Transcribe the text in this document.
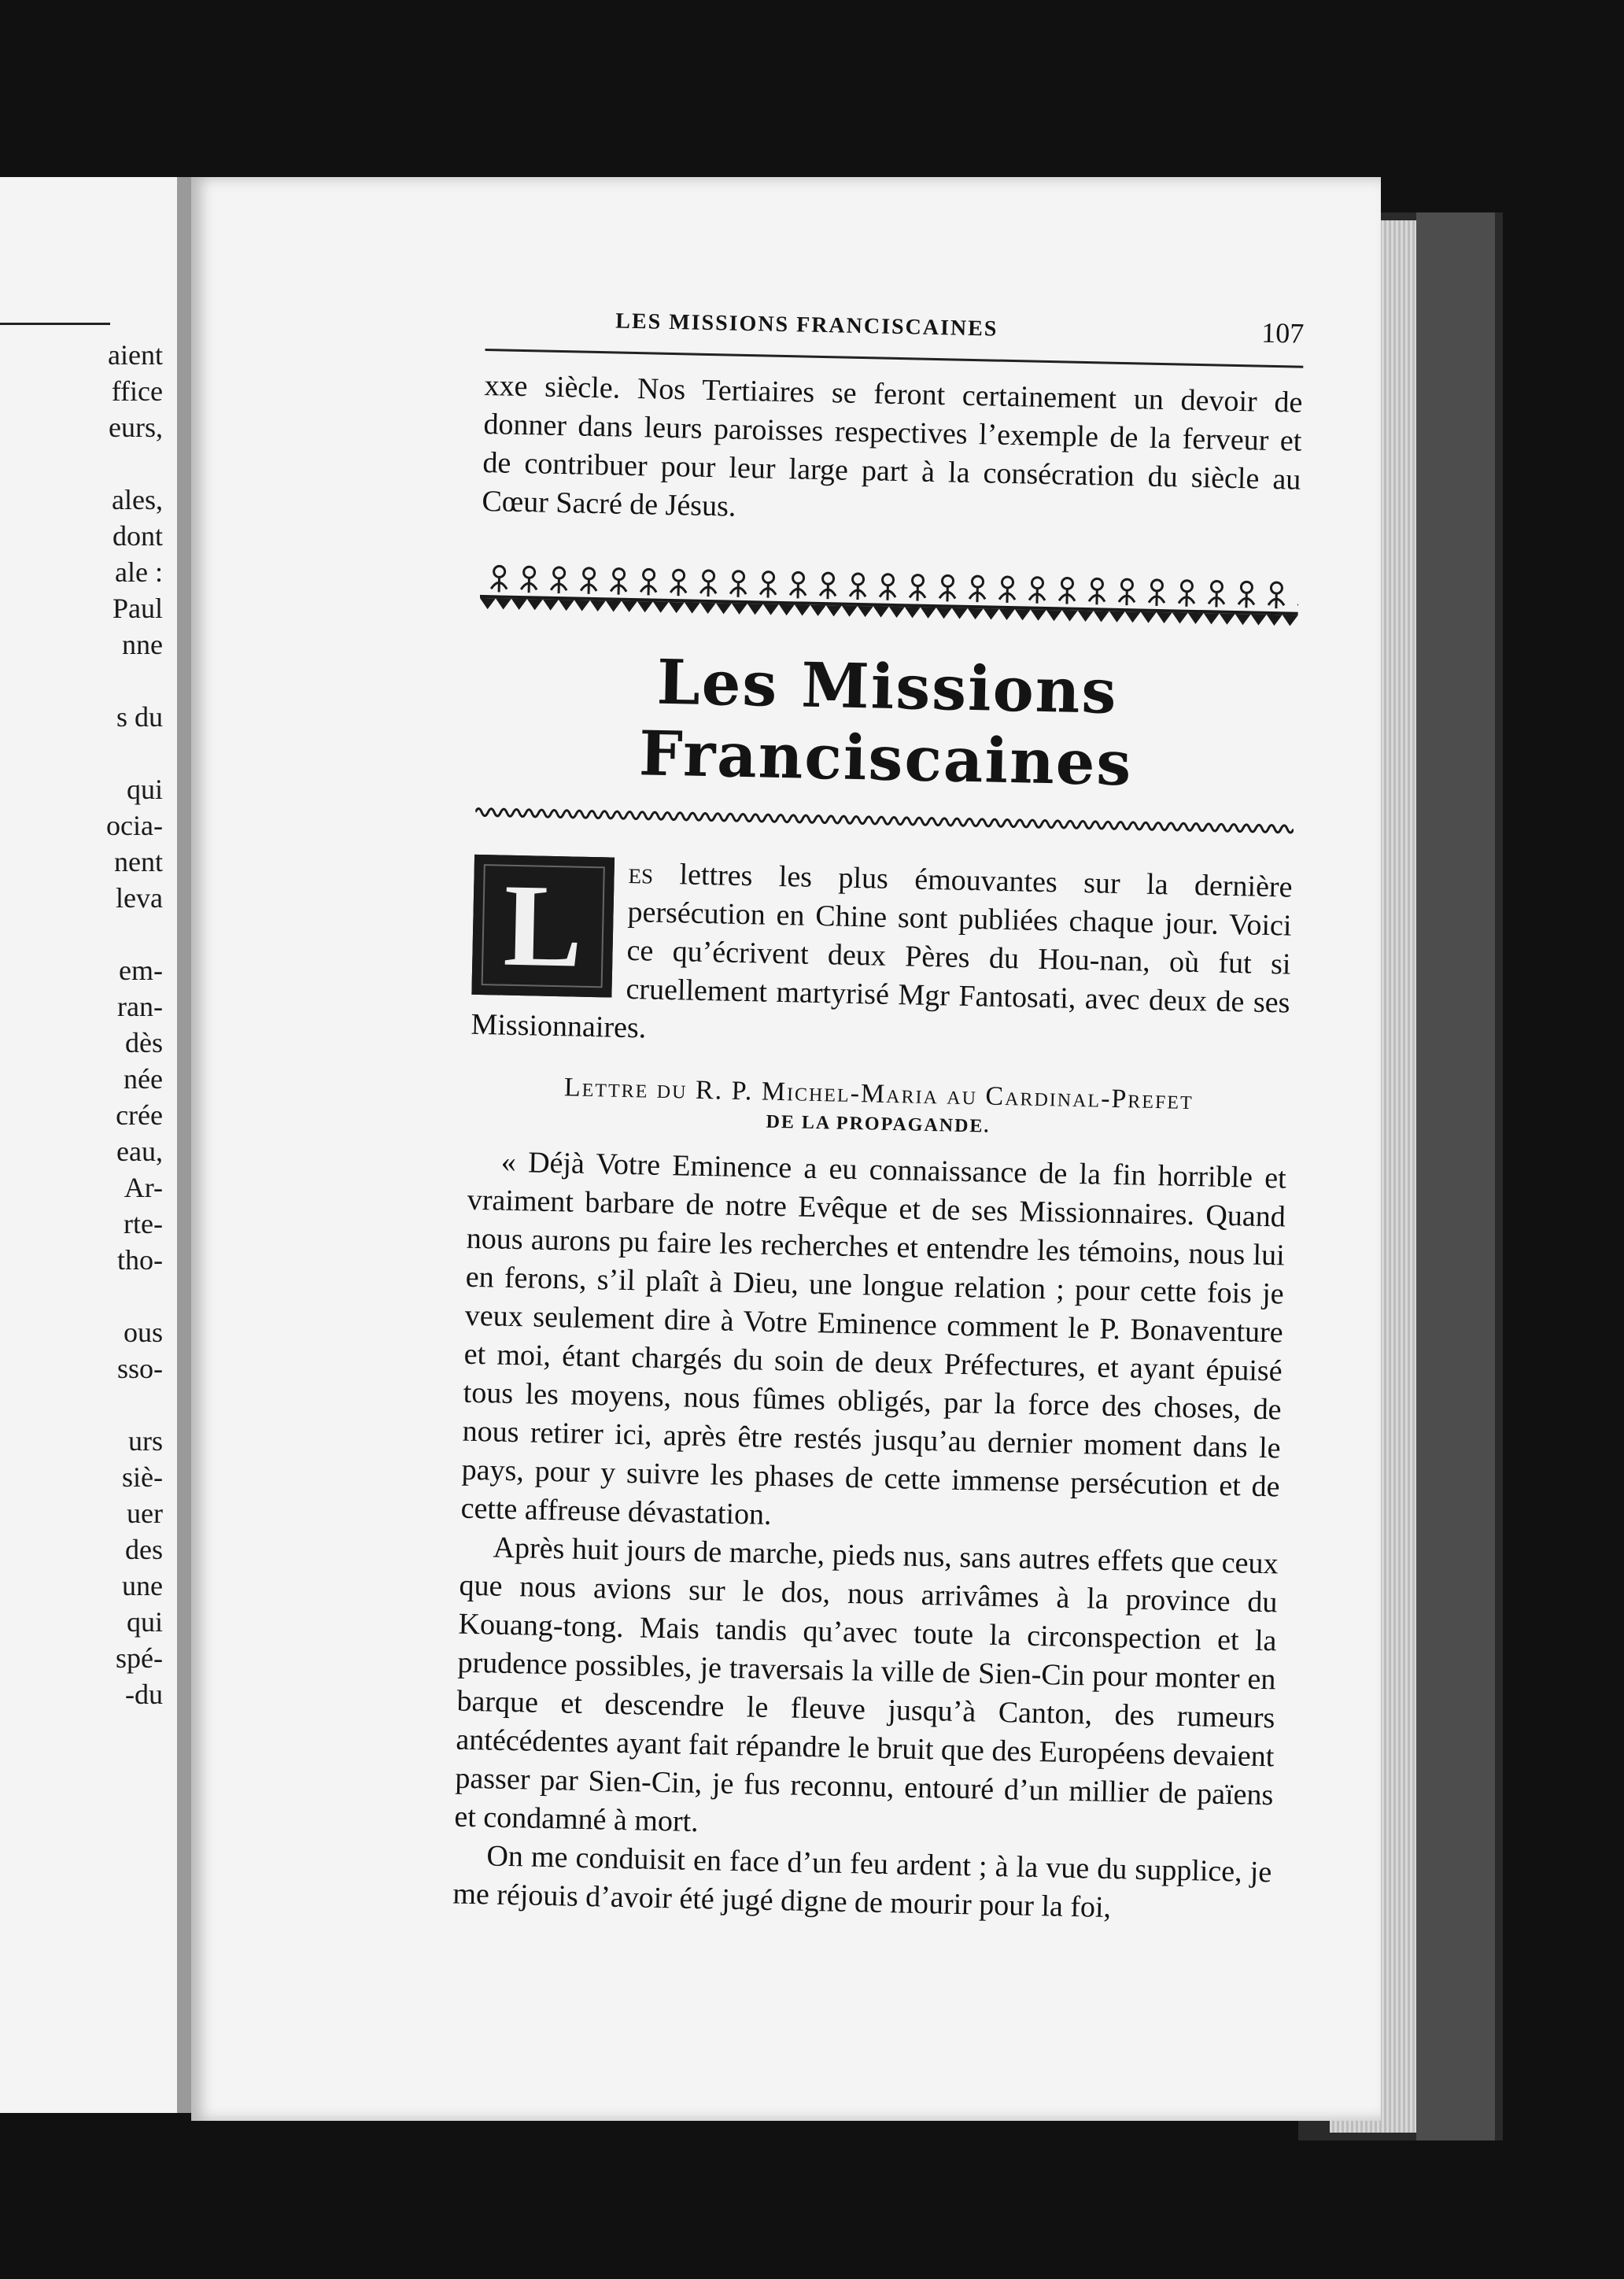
aient
ffice
eurs,
ales,
dont
ale :
Paul
nne
s du
qui
ocia-
nent
leva
em-
ran-
dès
née
crée
eau,
Ar-
rte-
tho-
ous
sso-
urs
siè-
uer
des
une
qui
spé-
-du
LES MISSIONS FRANCISCAINES	107

xxe siècle. Nos Tertiaires se feront certainement un devoir de donner dans leurs paroisses respectives l’exemple de la ferveur et de contribuer pour leur large part à la consécration du siècle au Cœur Sacré de Jésus.

Les Missions Franciscaines
L	es lettres les plus émouvantes sur la dernière persécution en Chine sont publiées chaque jour. Voici ce qu’écrivent deux Pères du Hou-nan, où fut si cruellement martyrisé Mgr Fantosati, avec deux de ses Missionnaires.

Lettre du R. P. Michel-Maria au Cardinal-Prefet
DE LA PROPAGANDE.

« Déjà Votre Eminence a eu connaissance de la fin horrible et vraiment barbare de notre Evêque et de ses Missionnaires. Quand nous aurons pu faire les recherches et entendre les témoins, nous lui en ferons, s’il plaît à Dieu, une longue relation ; pour cette fois je veux seulement dire à Votre Eminence comment le P. Bonaventure et moi, étant chargés du soin de deux Préfectures, et ayant épuisé tous les moyens, nous fûmes obligés, par la force des choses, de nous retirer ici, après être restés jusqu’au dernier moment dans le pays, pour y suivre les phases de cette immense persécution et de cette affreuse dévastation.

Après huit jours de marche, pieds nus, sans autres effets que ceux que nous avions sur le dos, nous arrivâmes à la province du Kouang-tong. Mais tandis qu’avec toute la circonspection et la prudence possibles, je traversais la ville de Sien-Cin pour monter en barque et descendre le fleuve jusqu’à Canton, des rumeurs antécédentes ayant fait répandre le bruit que des Européens devaient passer par Sien-Cin, je fus reconnu, entouré d’un millier de païens et condamné à mort.

On me conduisit en face d’un feu ardent ; à la vue du supplice, je me réjouis d’avoir été jugé digne de mourir pour la foi,
